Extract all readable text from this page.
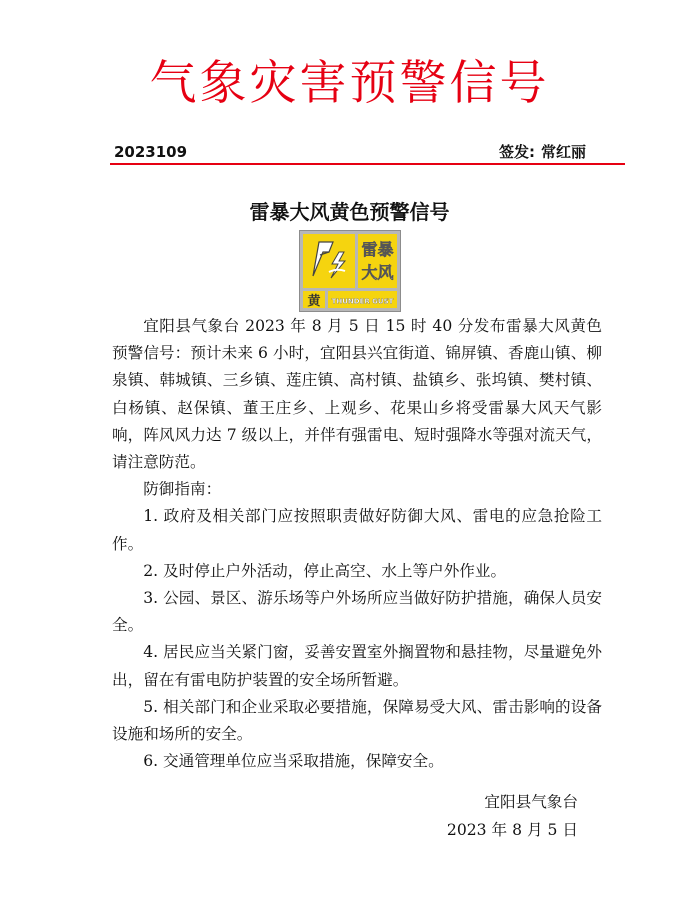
气象灾害预警信号
2023109	签发: 常红丽
雷暴大风黄色预警信号
雷暴
大风
黄 THUNDER GUST

宜阳县气象台 2023 年 8 月 5 日 15 时 40 分发布雷暴大风黄色预警信号：预计未来 6 小时，宜阳县兴宜街道、锦屏镇、香鹿山镇、柳泉镇、韩城镇、三乡镇、莲庄镇、高村镇、盐镇乡、张坞镇、樊村镇、白杨镇、赵保镇、董王庄乡、上观乡、花果山乡将受雷暴大风天气影响，阵风风力达 7 级以上，并伴有强雷电、短时强降水等强对流天气，请注意防范。

防御指南：

1. 政府及相关部门应按照职责做好防御大风、雷电的应急抢险工作。

2. 及时停止户外活动，停止高空、水上等户外作业。

3. 公园、景区、游乐场等户外场所应当做好防护措施，确保人员安全。

4. 居民应当关紧门窗，妥善安置室外搁置物和悬挂物，尽量避免外出，留在有雷电防护装置的安全场所暂避。

5. 相关部门和企业采取必要措施，保障易受大风、雷击影响的设备设施和场所的安全。

6. 交通管理单位应当采取措施，保障安全。

宜阳县气象台
2023 年 8 月 5 日
